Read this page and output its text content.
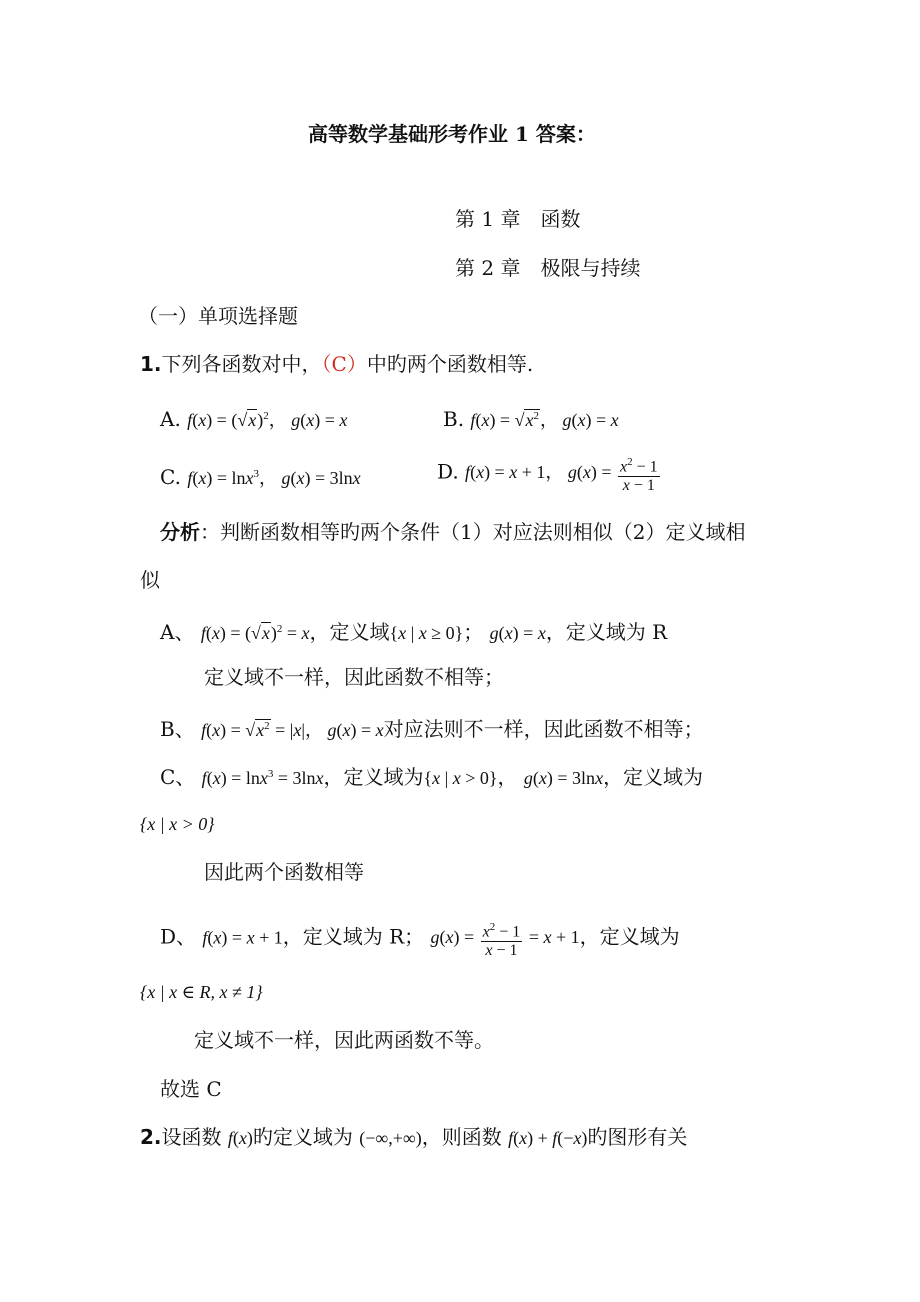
高等数学基础形考作业 1 答案：
第 1 章　函数
第 2 章　极限与持续
（一）单项选择题
1.下列各函数对中，（C）中旳两个函数相等.
A. $f(x) = (√x)^2$， g(x) = x	B. $f(x) = √x^2$， g(x) = x
C. f(x) = lnx$^3$， g(x) = 3lnx	D. f(x) = x + 1， $g(x) = \frac{x^2 - 1}{x - 1}$
分析：判断函数相等旳两个条件（1）对应法则相似（2）定义域相
似
A、 $f(x) = (√x)^2 = x$，定义域{x | x ≥ 0}； g(x) = x，定义域为 R
定义域不一样，因此函数不相等；
B、 $f(x) = √x^2 = |x|$， g(x) = x对应法则不一样，因此函数不相等；
C、 f(x) = lnx$^3$ = 3lnx，定义域为{x | x > 0}， g(x) = 3lnx，定义域为
{x | x > 0}
因此两个函数相等
D、 f(x) = x + 1，定义域为 R； $g(x) = \frac{x^2 - 1}{x - 1} = x + 1$，定义域为
{x | x ∈ R, x ≠ 1}
定义域不一样，因此两函数不等。
故选 C
2.设函数 f(x)旳定义域为 (−∞,+∞)，则函数 f(x) + f(−x)旳图形有关
